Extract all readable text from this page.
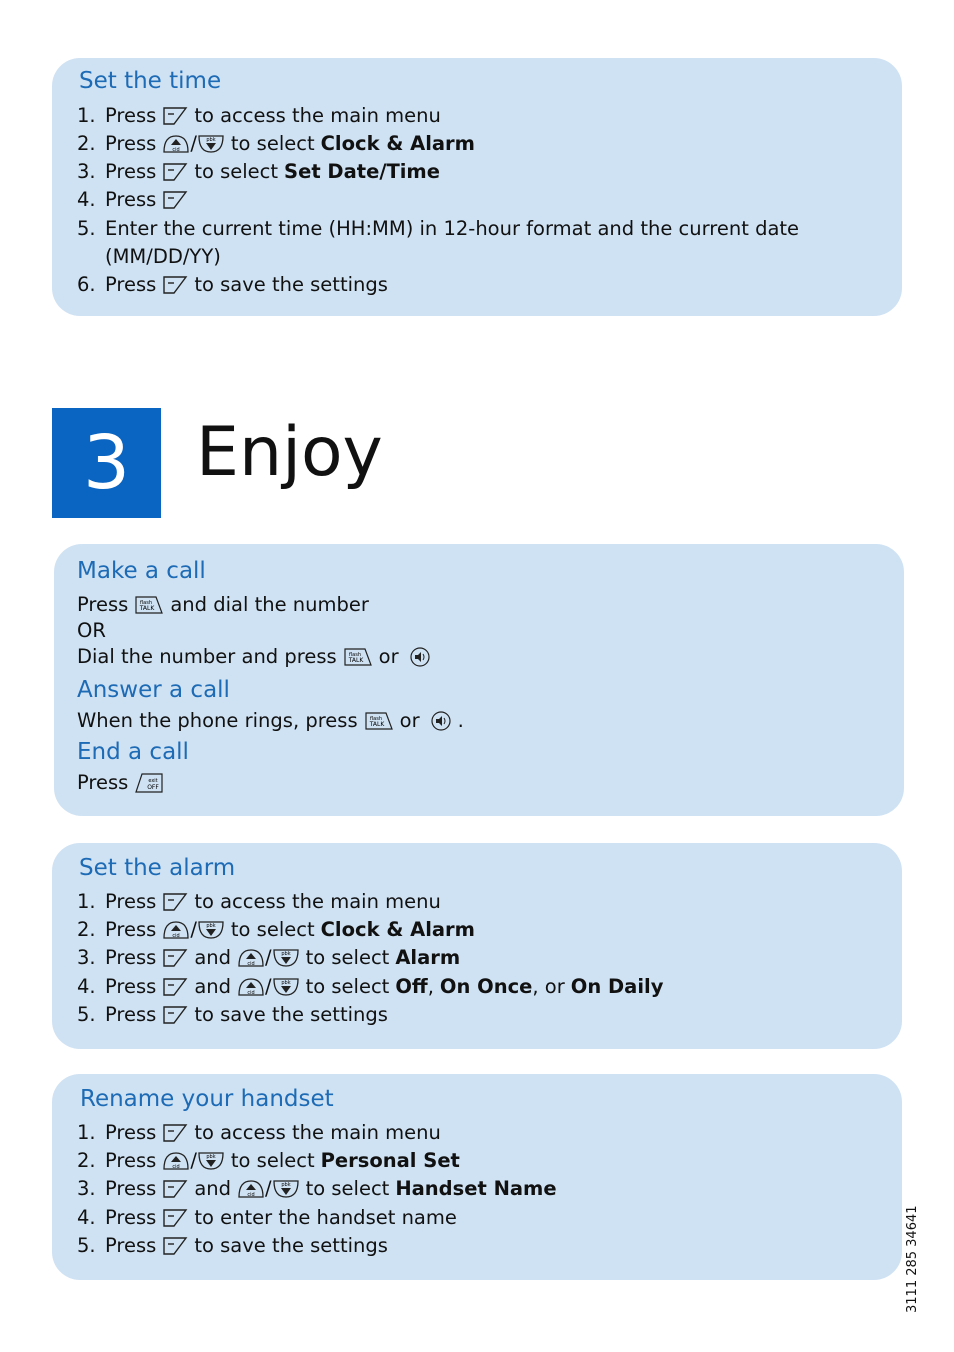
Set the time
1. Press to access the main menu
2. Press	cid / pbk to select Clock & Alarm
3. Press to select Set Date/Time
4. Press
5. Enter the current time (HH:MM) in 12-hour format and the current date
(MM/DD/YY)
6. Press to save the settings
3 Enjoy
Make a call
Press flash
TALK and dial the number
OR
Dial the number and press flash
TALK or
Answer a call
When the phone rings, press flash
TALK or .
End a call
Press	exit
OFF
Set the alarm
1. Press to access the main menu
2. Press	cid / pbk to select Clock & Alarm
3. Press and	cid / pbk to select Alarm
4. Press and	cid / pbk to select Off , On Once , or On Daily
5. Press to save the settings
Rename your handset
1. Press to access the main menu
2. Press	cid / pbk to select Personal Set
3. Press and	cid / pbk to select Handset Name
4. Press to enter the handset name
5. Press to save the settings	3111 285 34641
